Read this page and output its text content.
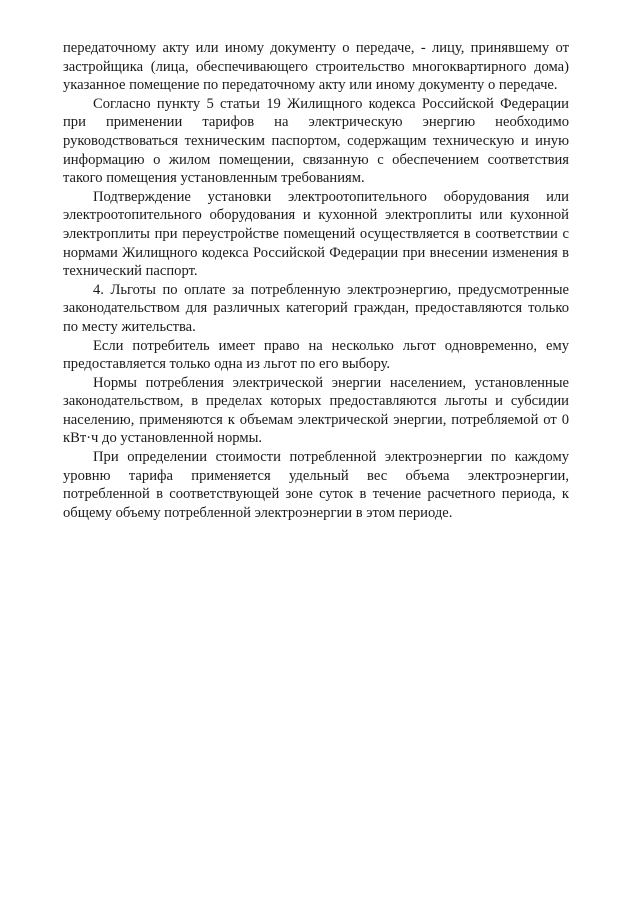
передаточному акту или иному документу о передаче, - лицу, принявшему от застройщика (лица, обеспечивающего строительство многоквартирного дома) указанное помещение по передаточному акту или иному документу о передаче.

Согласно пункту 5 статьи 19 Жилищного кодекса Российской Федерации при применении тарифов на электрическую энергию необходимо руководствоваться техническим паспортом, содержащим техническую и иную информацию о жилом помещении, связанную с обеспечением соответствия такого помещения установленным требованиям.

Подтверждение установки электроотопительного оборудования или электроотопительного оборудования и кухонной электроплиты или кухонной электроплиты при переустройстве помещений осуществляется в соответствии с нормами Жилищного кодекса Российской Федерации при внесении изменения в технический паспорт.

4. Льготы по оплате за потребленную электроэнергию, предусмотренные законодательством для различных категорий граждан, предоставляются только по месту жительства.

Если потребитель имеет право на несколько льгот одновременно, ему предоставляется только одна из льгот по его выбору.

Нормы потребления электрической энергии населением, установленные законодательством, в пределах которых предоставляются льготы и субсидии населению, применяются к объемам электрической энергии, потребляемой от 0 кВт·ч до установленной нормы.

При определении стоимости потребленной электроэнергии по каждому уровню тарифа применяется удельный вес объема электроэнергии, потребленной в соответствующей зоне суток в течение расчетного периода, к общему объему потребленной электроэнергии в этом периоде.
